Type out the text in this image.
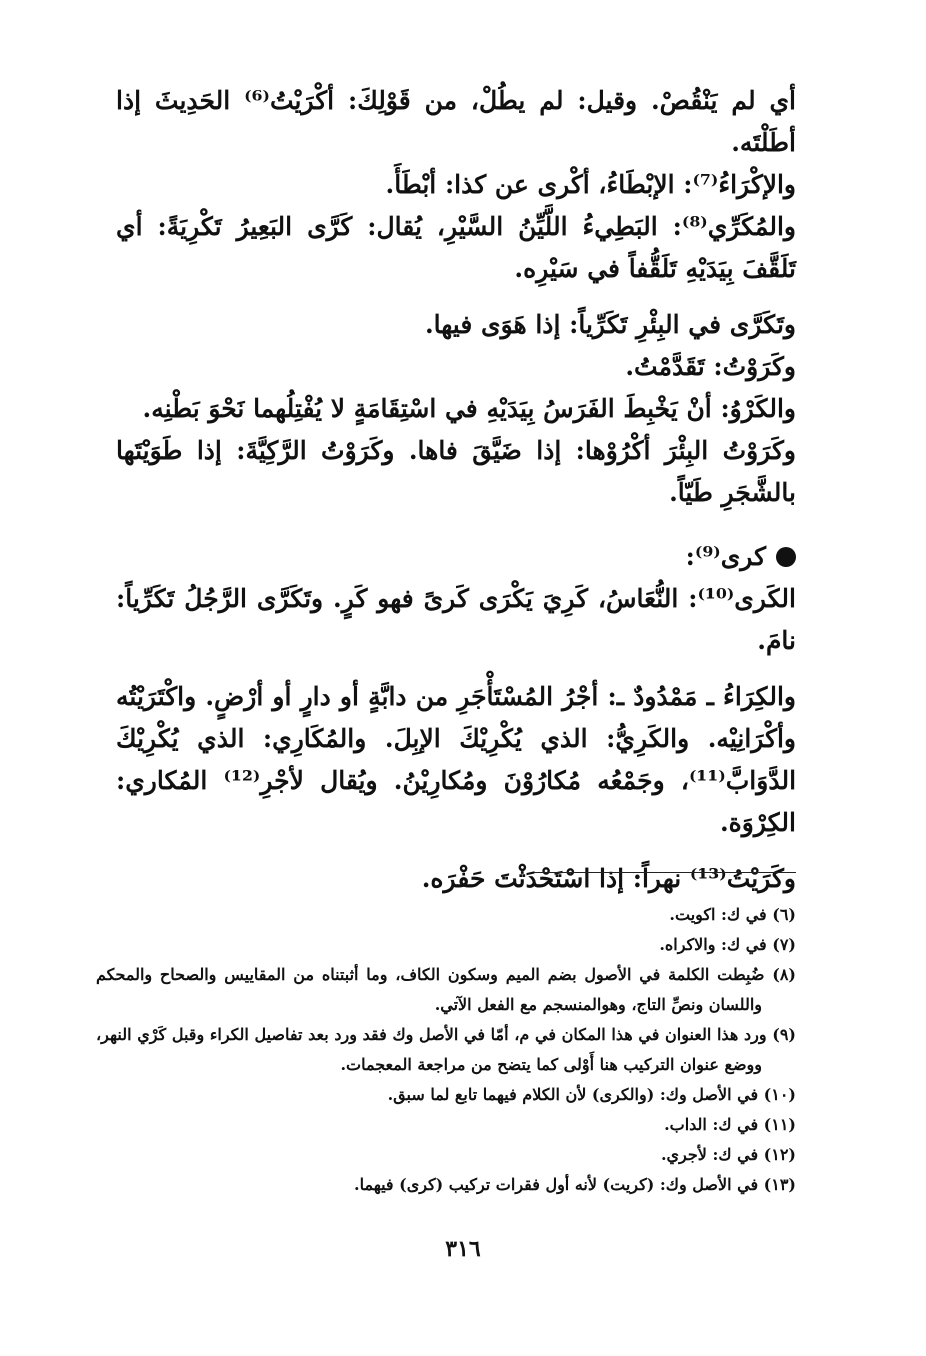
أي لم يَنْقُصْ. وقيل: لم يطُلْ، من قَوْلِكَ: أكْرَيْتُ⁽⁶⁾ الحَدِيثَ إذا أطَلْتَه.

والإكْرَاءُ⁽⁷⁾: الإبْطَاءُ، أكْرى عن كذا: أبْطَأَ.

والمُكَرِّي⁽⁸⁾: البَطِيءُ اللَّيِّنُ السَّيْرِ، يُقال: كَرَّى البَعِيرُ تَكْرِيَةً: أي تَلَقَّفَ بِيَدَيْهِ تَلَقُّفاً في سَيْرِه.

وتَكَرَّى في البِئْرِ تَكَرِّياً: إذا هَوَى فيها.

وكَرَوْتُ: تَقَدَّمْتُ.

والكَرْوُ: أنْ يَخْبِطَ الفَرَسُ بِيَدَيْهِ في اسْتِقَامَةٍ لا يُفْتِلُهما نَحْوَ بَطْنِه.

وكَرَوْتُ البِئْرَ أكْرُوْها: إذا ضَيَّقَ فاها. وكَرَوْتُ الرَّكِيَّةَ: إذا طَوَيْتَها بالشَّجَرِ طَيّاً.

كرى⁽⁹⁾:

الكَرى⁽¹⁰⁾: النُّعَاسُ، كَرِيَ يَكْرَى كَرىً فهو كَرٍ. وتَكَرَّى الرَّجُلُ تَكَرِّياً: نامَ.

والكِرَاءُ ـ مَمْدُودٌ ـ: أجْرُ المُسْتَأْجَرِ من دابَّةٍ أو دارٍ أو أرْضٍ. واكْتَرَيْتُه وأكْرَانِيْه. والكَرِيُّ: الذي يُكْرِيْكَ الإبِلَ. والمُكَارِي: الذي يُكْرِيْكَ الدَّوَابَّ⁽¹¹⁾، وجَمْعُه مُكارُوْنَ ومُكارِيْنُ. ويُقال لأجْرِ⁽¹²⁾ المُكاري: الكِرْوَة.

وكَرَيْتُ⁽¹³⁾ نهراً: إذا اسْتَحْدَثْتَ حَفْرَه.

(٦) في ك: اكويت.

(٧) في ك: والاكراه.

(٨) ضُبِطت الكلمة في الأصول بضم الميم وسكون الكاف، وما أثبتناه من المقاييس والصحاح والمحكم واللسان ونصِّ التاج، وهوالمنسجم مع الفعل الآتي.

(٩) ورد هذا العنوان في هذا المكان في م، أمّا في الأصل وك فقد ورد بعد تفاصيل الكراء وقبل كَرْي النهر، ووضع عنوان التركيب هنا أَوْلى كما يتضح من مراجعة المعجمات.

(١٠) في الأصل وك: (والكرى) لأن الكلام فيهما تابع لما سبق.

(١١) في ك: الداب.

(١٢) في ك: لأجري.

(١٣) في الأصل وك: (كريت) لأنه أول فقرات تركيب (كرى) فيهما.

٣١٦
